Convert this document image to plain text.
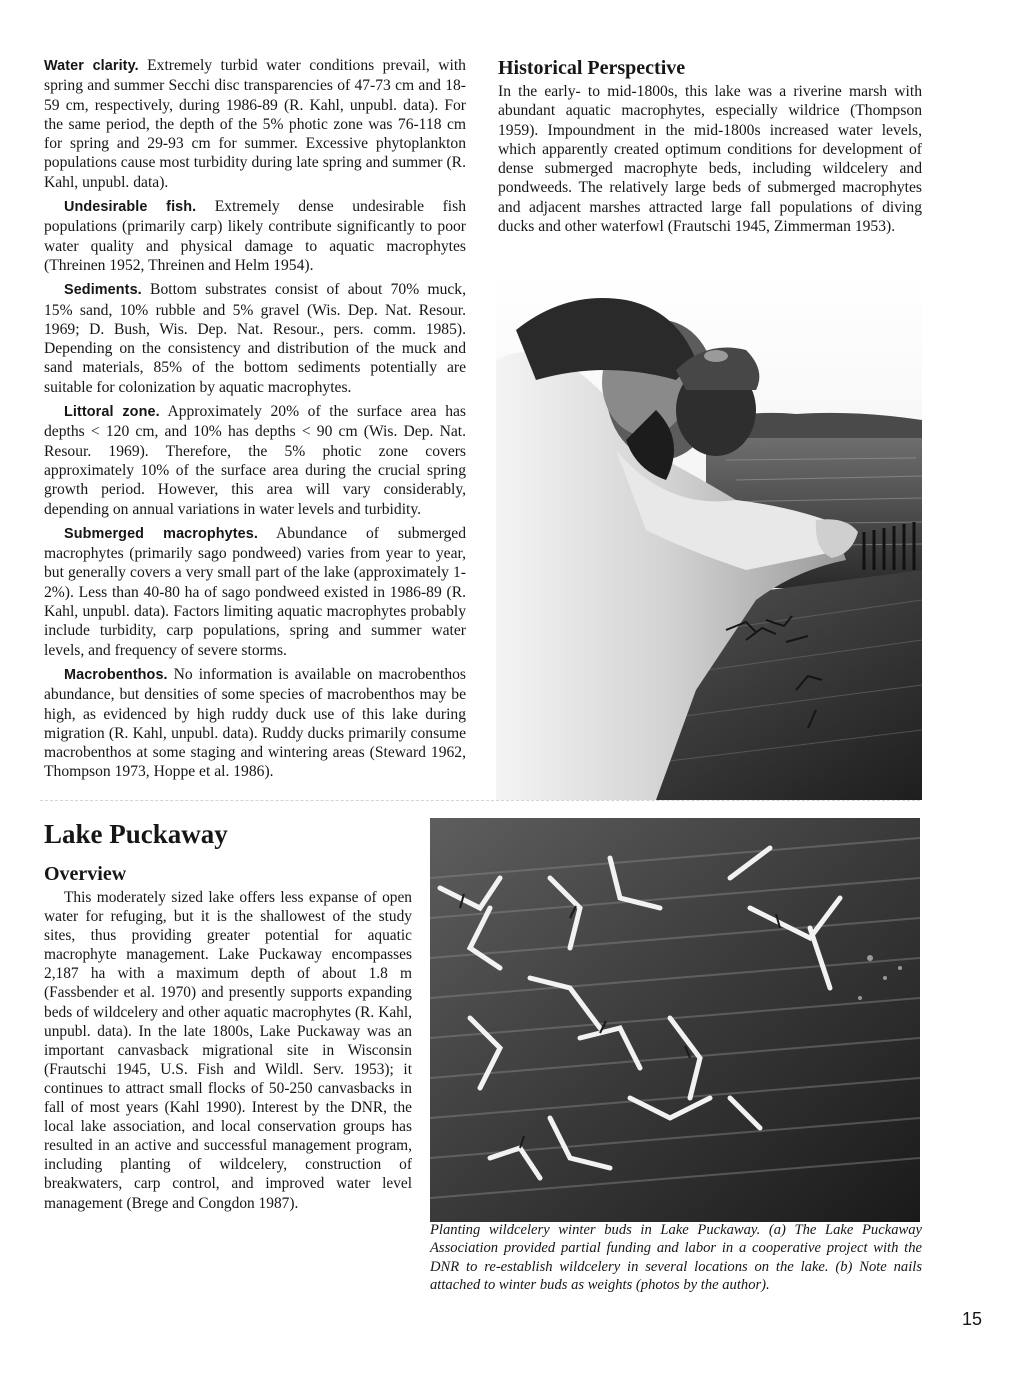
Water clarity. Extremely turbid water conditions prevail, with spring and summer Secchi disc transparencies of 47-73 cm and 18-59 cm, respectively, during 1986-89 (R. Kahl, unpubl. data). For the same period, the depth of the 5% photic zone was 76-118 cm for spring and 29-93 cm for summer. Excessive phytoplankton populations cause most turbidity during late spring and summer (R. Kahl, unpubl. data).

Undesirable fish. Extremely dense undesirable fish populations (primarily carp) likely contribute significantly to poor water quality and physical damage to aquatic macrophytes (Threinen 1952, Threinen and Helm 1954).

Sediments. Bottom substrates consist of about 70% muck, 15% sand, 10% rubble and 5% gravel (Wis. Dep. Nat. Resour. 1969; D. Bush, Wis. Dep. Nat. Resour., pers. comm. 1985). Depending on the consistency and distribution of the muck and sand materials, 85% of the bottom sediments potentially are suitable for colonization by aquatic macrophytes.

Littoral zone. Approximately 20% of the surface area has depths < 120 cm, and 10% has depths < 90 cm (Wis. Dep. Nat. Resour. 1969). Therefore, the 5% photic zone covers approximately 10% of the surface area during the crucial spring growth period. However, this area will vary considerably, depending on annual variations in water levels and turbidity.

Submerged macrophytes. Abundance of submerged macrophytes (primarily sago pondweed) varies from year to year, but generally covers a very small part of the lake (approximately 1-2%). Less than 40-80 ha of sago pondweed existed in 1986-89 (R. Kahl, unpubl. data). Factors limiting aquatic macrophytes probably include turbidity, carp populations, spring and summer water levels, and frequency of severe storms.

Macrobenthos. No information is available on macrobenthos abundance, but densities of some species of macrobenthos may be high, as evidenced by high ruddy duck use of this lake during migration (R. Kahl, unpubl. data). Ruddy ducks primarily consume macrobenthos at some staging and wintering areas (Steward 1962, Thompson 1973, Hoppe et al. 1986).

Historical Perspective

In the early- to mid-1800s, this lake was a riverine marsh with abundant aquatic macrophytes, especially wildrice (Thompson 1959). Impoundment in the mid-1800s increased water levels, which apparently created optimum conditions for development of dense submerged macrophyte beds, including wildcelery and pondweeds. The relatively large beds of submerged macrophytes and adjacent marshes attracted large fall populations of diving ducks and other waterfowl (Frautschi 1945, Zimmerman 1953).

Lake Puckaway
Overview

This moderately sized lake offers less expanse of open water for refuging, but it is the shallowest of the study sites, thus providing greater potential for aquatic macrophyte management. Lake Puckaway encompasses 2,187 ha with a maximum depth of about 1.8 m (Fassbender et al. 1970) and presently supports expanding beds of wildcelery and other aquatic macrophytes (R. Kahl, unpubl. data). In the late 1800s, Lake Puckaway was an important canvasback migrational site in Wisconsin (Frautschi 1945, U.S. Fish and Wildl. Serv. 1953); it continues to attract small flocks of 50-250 canvasbacks in fall of most years (Kahl 1990). Interest by the DNR, the local lake association, and local conservation groups has resulted in an active and successful management program, including planting of wildcelery, construction of breakwaters, carp control, and improved water level management (Brege and Congdon 1987).

Planting wildcelery winter buds in Lake Puckaway. (a) The Lake Puckaway Association provided partial funding and labor in a cooperative project with the DNR to re-establish wildcelery in several locations on the lake. (b) Note nails attached to winter buds as weights (photos by the author).

15
